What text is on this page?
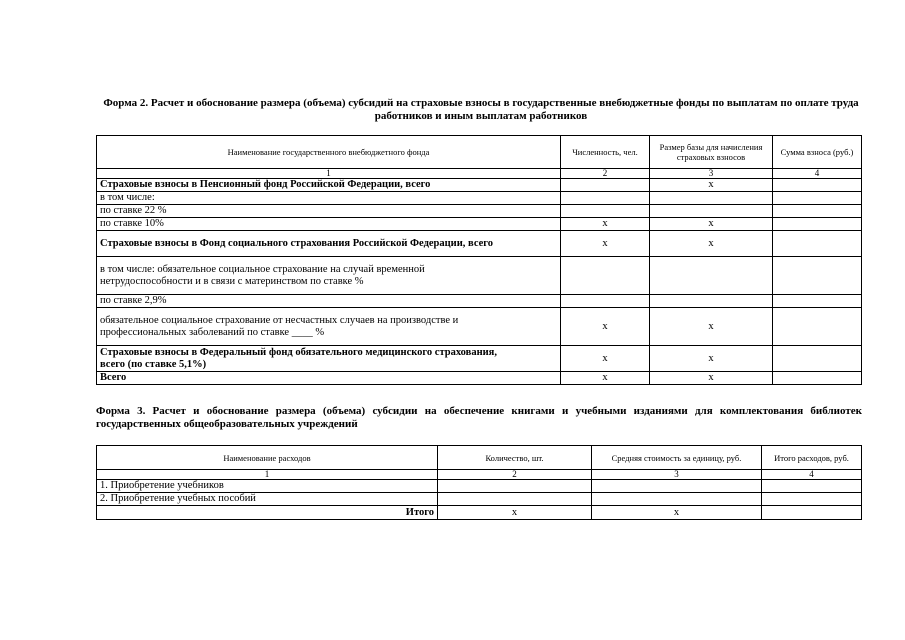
Форма 2. Расчет и обоснование размера (объема) субсидий на страховые взносы в государственные внебюджетные фонды по выплатам по оплате труда работников и иным выплатам работников
Наименование государственного внебюджетного фонда	Численность, чел.	Размер базы для начисления страховых взносов	Сумма взноса (руб.)
1	2	3	4
Страховые взносы в Пенсионный фонд Российской Федерации, всего		x	
в том числе:			
по ставке 22 %			
по ставке 10%	x	x	
Страховые взносы в Фонд социального страхования Российской Федерации, всего	x	x	
в том числе: обязательное социальное страхование на случай временной нетрудоспособности и в связи с материнством по ставке %			
по ставке 2,9%			
обязательное социальное страхование от несчастных случаев на производстве и профессиональных заболеваний по ставке ____ %	x	x	
Страховые взносы в Федеральный фонд обязательного медицинского страхования, всего (по ставке 5,1%)	x	x	
Всего	x	x	
Форма 3. Расчет и обоснование размера (объема) субсидии на обеспечение книгами и учебными изданиями для комплектования библиотек государственных общеобразовательных учреждений
Наименование расходов	Количество, шт.	Средняя стоимость за единицу, руб.	Итого расходов, руб.
1	2	3	4
1. Приобретение учебников			
2. Приобретение учебных пособий			
Итого	x	x	
